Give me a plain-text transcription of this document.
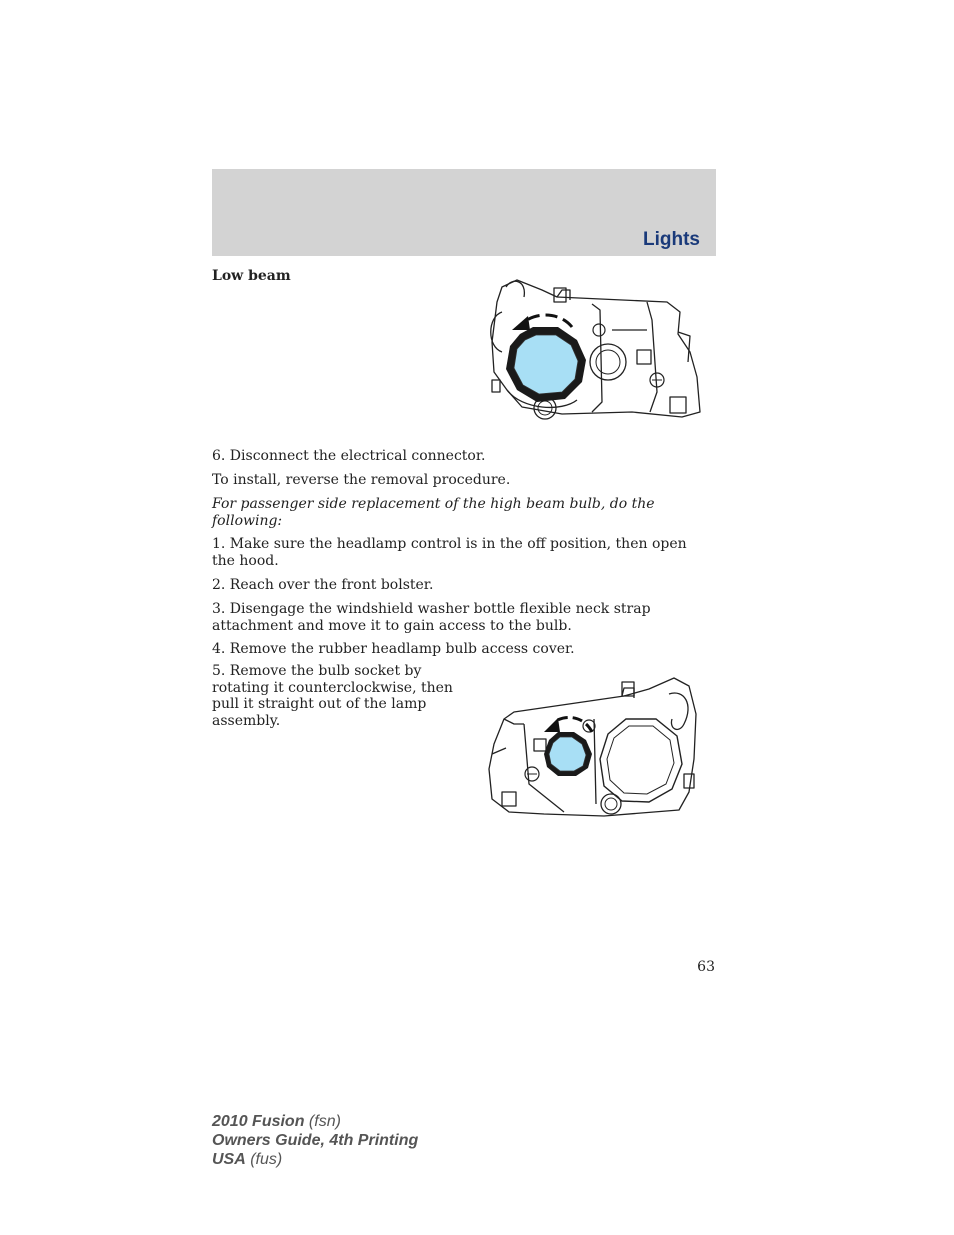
Lights
Low beam
6. Disconnect the electrical connector.
To install, reverse the removal procedure.
For passenger side replacement of the high beam bulb, do the following:
1. Make sure the headlamp control is in the off position, then open the hood.
2. Reach over the front bolster.
3. Disengage the windshield washer bottle flexible neck strap attachment and move it to gain access to the bulb.
4. Remove the rubber headlamp bulb access cover.
5. Remove the bulb socket by rotating it counterclockwise, then pull it straight out of the lamp assembly.
63
2010 Fusion (fsn)
Owners Guide, 4th Printing
USA (fus)
